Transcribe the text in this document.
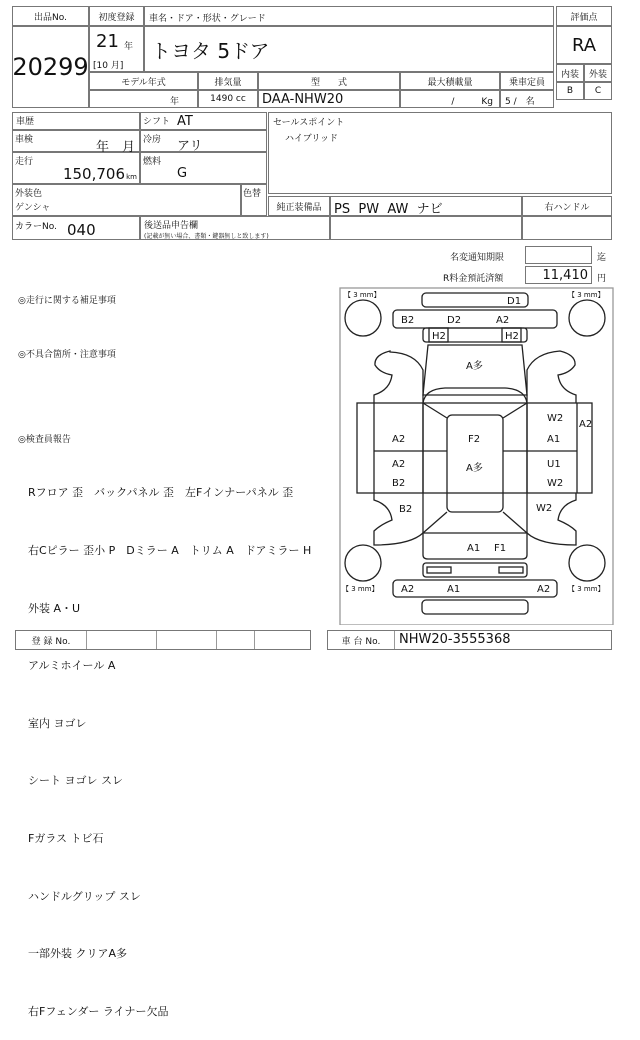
出品No.
20299
初度登録	車名・ドア・形状・グレード
21 年
[10 月]
トヨタ 5ドア
モデル年式	排気量	型　　式	最大積載量	乗車定員
年	1490 cc	DAA-NHW20	/　　　Kg	5 /　名
評価点
RA
内装	外装
B	C
車歴	シフト AT
車検	年　月 冷房 アリ
走行
150,706 km
燃料
G
外装色
ゲンシャ
色替
カラーNo. 040	後送品申告欄
(記載が無い場合、書類・鍵器無しと致します)
セールスポイント
ハイブリッド
純正装備品 PS  PW  AW  ナビ	右ハンドル
名変通知期限	迄
R料金預託済額	11,410	円
◎走行に関する補足事項
◎不具合箇所・注意事項
◎検査員報告

Rフロア 歪　バックパネル 歪　左Fインナーパネル 歪

右Cピラー 歪小 P　Dミラー A　トリム A　ドアミラー H

外装 A・U

アルミホイール A

室内 ヨゴレ

シート ヨゴレ スレ

Fガラス トビ石

ハンドルグリップ スレ

一部外装 クリアA多

右Fフェンダー ライナー欠品

【 3 mm】	【 3 mm】
【 3 mm】	【 3 mm】
D1
B2	D2	A2
H2	H2
A多
W2
A2
A2	F2	A1
A2	A多	U1
B2	W2
B2	W2
A1 F1
A2	A1	A2
登 録 No.	車 台 No.	NHW20-3555368
